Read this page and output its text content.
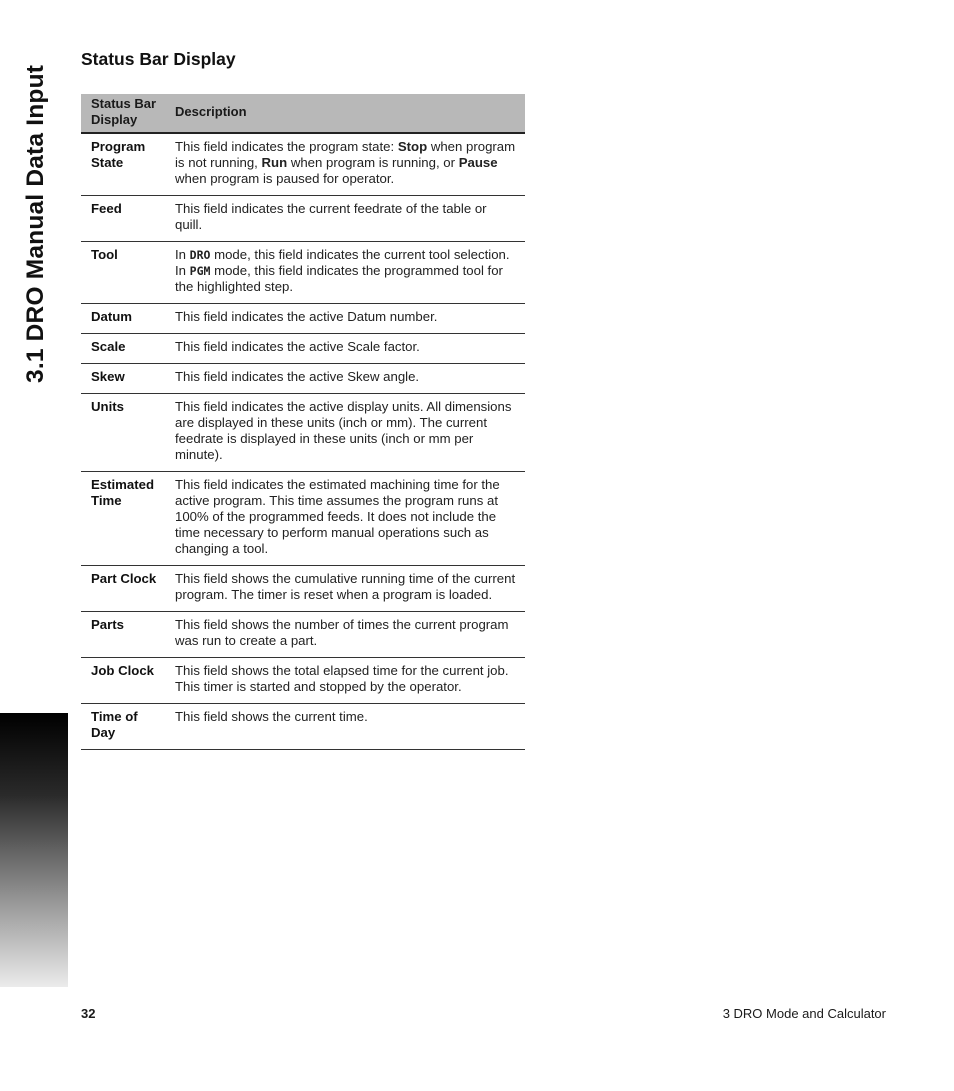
3.1 DRO Manual Data Input
Status Bar Display
Status Bar Display	Description
Program State	This field indicates the program state: Stop when program is not running, Run when program is running, or Pause when program is paused for operator.
Feed	This field indicates the current feedrate of the table or quill.
Tool	In DRO mode, this field indicates the current tool selection. In PGM mode, this field indicates the programmed tool for the highlighted step.
Datum	This field indicates the active Datum number.
Scale	This field indicates the active Scale factor.
Skew	This field indicates the active Skew angle.
Units	This field indicates the active display units. All dimensions are displayed in these units (inch or mm). The current feedrate is displayed in these units (inch or mm per minute).
Estimated Time	This field indicates the estimated machining time for the active program. This time assumes the program runs at 100% of the programmed feeds. It does not include the time necessary to perform manual operations such as changing a tool.
Part Clock	This field shows the cumulative running time of the current program. The timer is reset when a program is loaded.
Parts	This field shows the number of times the current program was run to create a part.
Job Clock	This field shows the total elapsed time for the current job. This timer is started and stopped by the operator.
Time of Day	This field shows the current time.
32	3 DRO Mode and Calculator
